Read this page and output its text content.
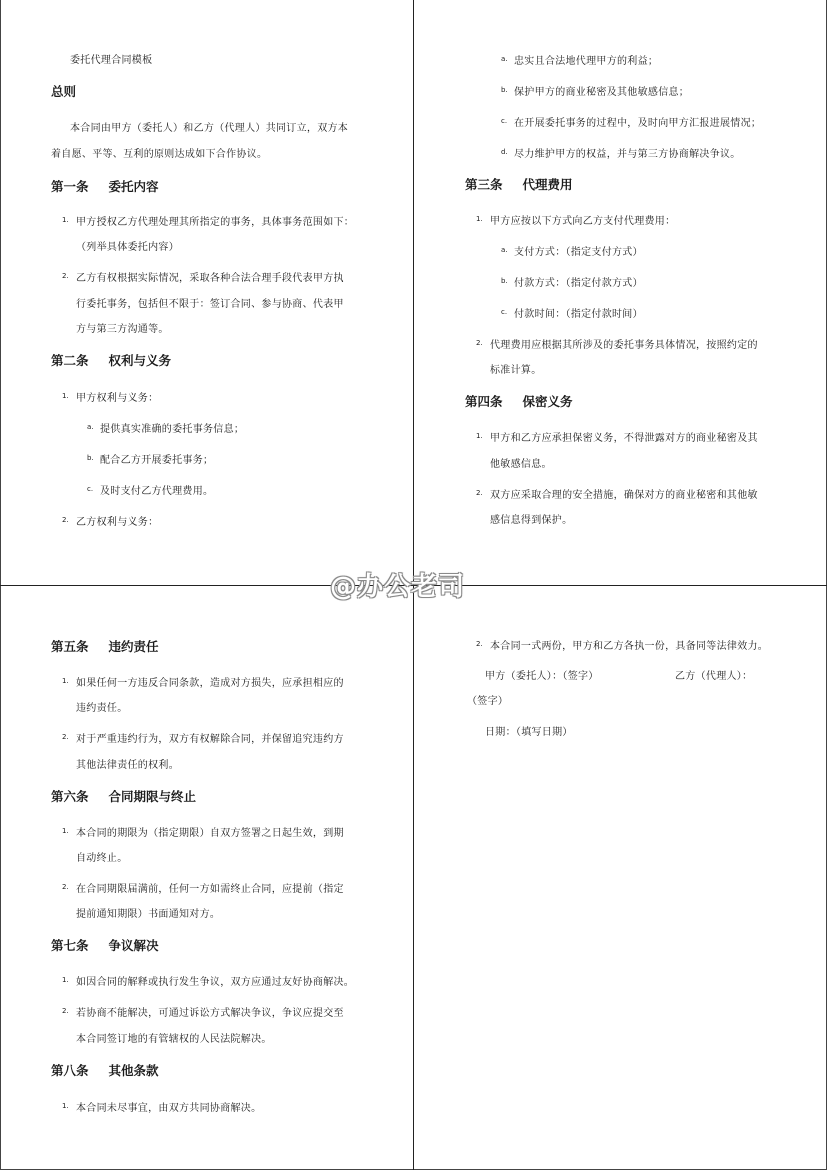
委托代理合同模板
总则
本合同由甲方（委托人）和乙方（代理人）共同订立，双方本
着自愿、平等、互利的原则达成如下合作协议。
第一条 委托内容
1. 甲方授权乙方代理处理其所指定的事务，具体事务范围如下：
（列举具体委托内容）
2. 乙方有权根据实际情况，采取各种合法合理手段代表甲方执
行委托事务，包括但不限于：签订合同、参与协商、代表甲
方与第三方沟通等。
第二条 权利与义务
1. 甲方权利与义务：
a. 提供真实准确的委托事务信息；
b. 配合乙方开展委托事务；
c. 及时支付乙方代理费用。
2. 乙方权利与义务：
a. 忠实且合法地代理甲方的利益；
b. 保护甲方的商业秘密及其他敏感信息；
c. 在开展委托事务的过程中，及时向甲方汇报进展情况；
d. 尽力维护甲方的权益，并与第三方协商解决争议。
第三条 代理费用
1. 甲方应按以下方式向乙方支付代理费用：
a. 支付方式：（指定支付方式）
b. 付款方式：（指定付款方式）
c. 付款时间：（指定付款时间）
2. 代理费用应根据其所涉及的委托事务具体情况，按照约定的
标准计算。
第四条 保密义务
1. 甲方和乙方应承担保密义务，不得泄露对方的商业秘密及其
他敏感信息。
2. 双方应采取合理的安全措施，确保对方的商业秘密和其他敏
感信息得到保护。
第五条 违约责任
1. 如果任何一方违反合同条款，造成对方损失，应承担相应的
违约责任。
2. 对于严重违约行为，双方有权解除合同，并保留追究违约方
其他法律责任的权利。
第六条 合同期限与终止
1. 本合同的期限为（指定期限）自双方签署之日起生效，到期
自动终止。
2. 在合同期限届满前，任何一方如需终止合同，应提前（指定
提前通知期限）书面通知对方。
第七条 争议解决
1. 如因合同的解释或执行发生争议，双方应通过友好协商解决。
2. 若协商不能解决，可通过诉讼方式解决争议，争议应提交至
本合同签订地的有管辖权的人民法院解决。
第八条 其他条款
1. 本合同未尽事宜，由双方共同协商解决。
2. 本合同一式两份，甲方和乙方各执一份，具备同等法律效力。
甲方（委托人）：（签字）	乙方（代理人）：
（签字）
日期：（填写日期）
@办公老司
